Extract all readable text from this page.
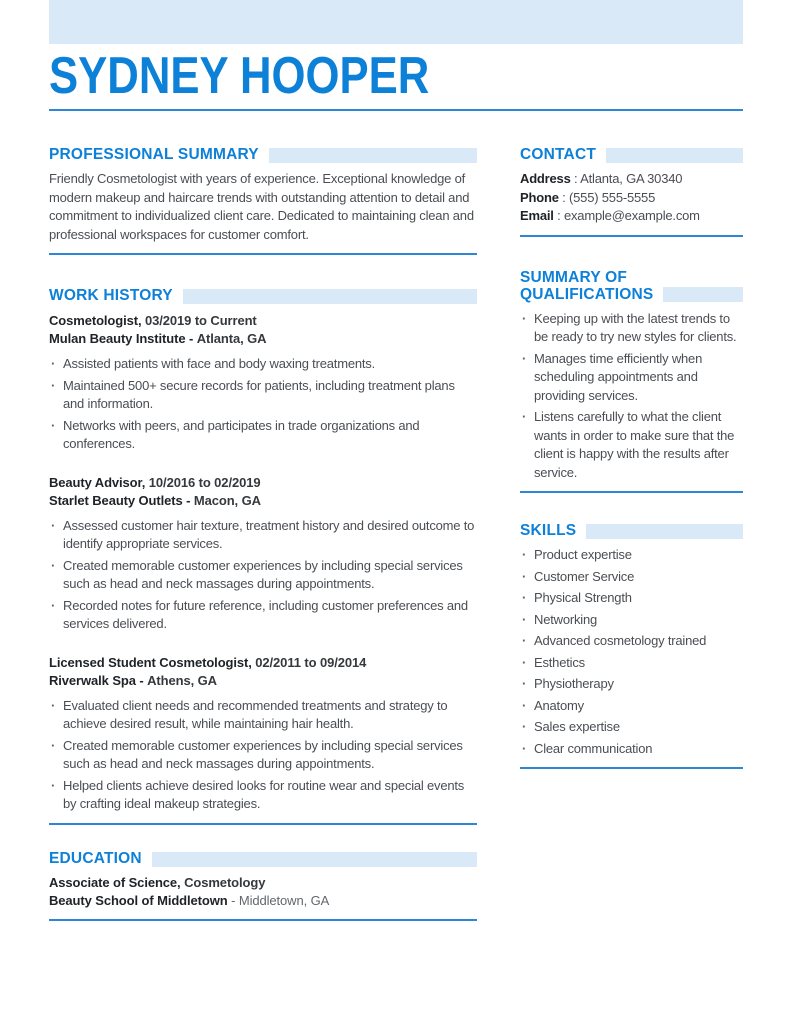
SYDNEY HOOPER
PROFESSIONAL SUMMARY

Friendly Cosmetologist with years of experience. Exceptional knowledge of modern makeup and haircare trends with outstanding attention to detail and commitment to individualized client care. Dedicated to maintaining clean and professional workspaces for customer comfort.

WORK HISTORY
Cosmetologist, 03/2019 to Current
Mulan Beauty Institute - Atlanta, GA
· Assisted patients with face and body waxing treatments.
· Maintained 500+ secure records for patients, including treatment plans and information.
· Networks with peers, and participates in trade organizations and conferences.
Beauty Advisor, 10/2016 to 02/2019
Starlet Beauty Outlets - Macon, GA
· Assessed customer hair texture, treatment history and desired outcome to identify appropriate services.
· Created memorable customer experiences by including special services such as head and neck massages during appointments.
· Recorded notes for future reference, including customer preferences and services delivered.
Licensed Student Cosmetologist, 02/2011 to 09/2014
Riverwalk Spa - Athens, GA
· Evaluated client needs and recommended treatments and strategy to achieve desired result, while maintaining hair health.
· Created memorable customer experiences by including special services such as head and neck massages during appointments.
· Helped clients achieve desired looks for routine wear and special events by crafting ideal makeup strategies.
EDUCATION
Associate of Science, Cosmetology
Beauty School of Middletown - Middletown, GA
CONTACT
Address : Atlanta, GA 30340
Phone : (555) 555-5555
Email : example@example.com
SUMMARY OF
QUALIFICATIONS
· Keeping up with the latest trends to be ready to try new styles for clients.
· Manages time efficiently when scheduling appointments and providing services.
· Listens carefully to what the client wants in order to make sure that the client is happy with the results after service.
SKILLS
· Product expertise
· Customer Service
· Physical Strength
· Networking
· Advanced cosmetology trained
· Esthetics
· Physiotherapy
· Anatomy
· Sales expertise
· Clear communication
